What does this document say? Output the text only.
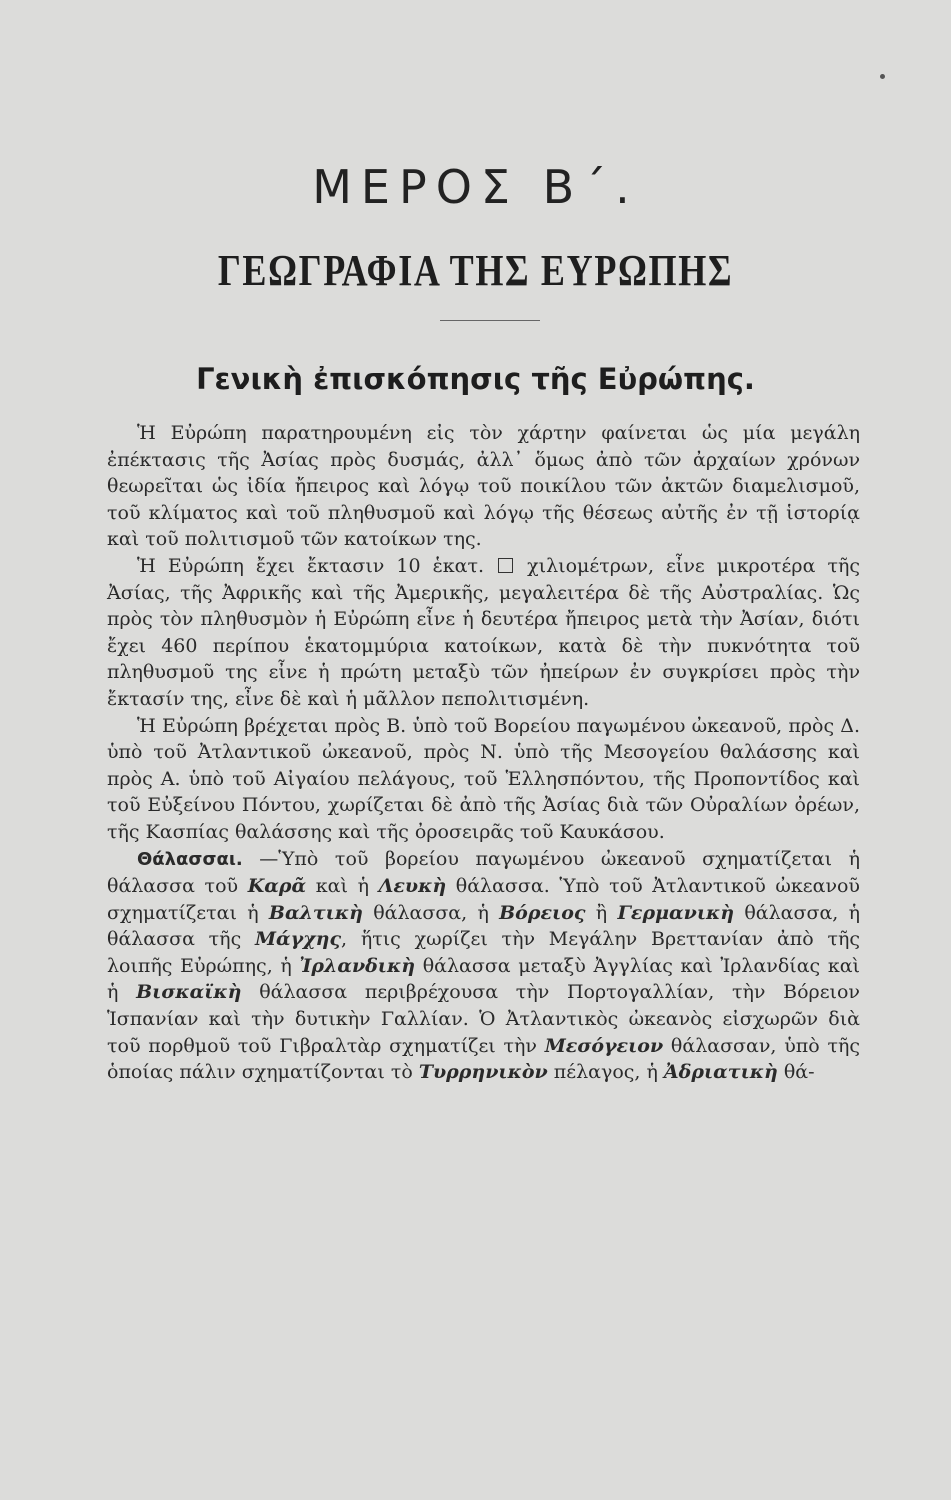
ΜΕΡΟΣ Β΄.
ΓΕΩΓΡΑΦΙΑ ΤΗΣ ΕΥΡΩΠΗΣ
Γενικὴ ἐπισκόπησις τῆς Εὐρώπης.

Ἡ Εὐρώπη παρατηρουμένη εἰς τὸν χάρτην φαίνεται ὡς μία μεγάλη ἐπέκτασις τῆς Ἀσίας πρὸς δυσμάς, ἀλλ᾽ ὅμως ἀπὸ τῶν ἀρχαίων χρόνων θεωρεῖται ὡς ἰδία ἤπειρος καὶ λόγῳ τοῦ ποικίλου τῶν ἀκτῶν διαμελισμοῦ, τοῦ κλίματος καὶ τοῦ πληθυσμοῦ καὶ λόγῳ τῆς θέσεως αὐτῆς ἐν τῇ ἱστορίᾳ καὶ τοῦ πολιτισμοῦ τῶν κατοίκων της.

Ἡ Εὐρώπη ἔχει ἔκτασιν 10 ἑκατ. χιλιομέτρων, εἶνε μικροτέρα τῆς Ἀσίας, τῆς Ἀφρικῆς καὶ τῆς Ἀμερικῆς, μεγαλειτέρα δὲ τῆς Αὐστραλίας. Ὡς πρὸς τὸν πληθυσμὸν ἡ Εὐρώπη εἶνε ἡ δευτέρα ἤπειρος μετὰ τὴν Ἀσίαν, διότι ἔχει 460 περίπου ἑκατομμύρια κατοίκων, κατὰ δὲ τὴν πυκνότητα τοῦ πληθυσμοῦ της εἶνε ἡ πρώτη μεταξὺ τῶν ἠπείρων ἐν συγκρίσει πρὸς τὴν ἔκτασίν της, εἶνε δὲ καὶ ἡ μᾶλλον πεπολιτισμένη.

Ἡ Εὐρώπη βρέχεται πρὸς Β. ὑπὸ τοῦ Βορείου παγωμένου ὠκεανοῦ, πρὸς Δ. ὑπὸ τοῦ Ἀτλαντικοῦ ὠκεανοῦ, πρὸς Ν. ὑπὸ τῆς Μεσογείου θαλάσσης καὶ πρὸς Α. ὑπὸ τοῦ Αἰγαίου πελάγους, τοῦ Ἑλλησπόντου, τῆς Προποντίδος καὶ τοῦ Εὐξείνου Πόντου, χωρίζεται δὲ ἀπὸ τῆς Ἀσίας διὰ τῶν Οὐραλίων ὀρέων, τῆς Κασπίας θαλάσσης καὶ τῆς ὀροσειρᾶς τοῦ Καυκάσου.

Θάλασσαι. —Ὑπὸ τοῦ βορείου παγωμένου ὠκεανοῦ σχηματίζεται ἡ θάλασσα τοῦ Καρᾶ καὶ ἡ Λευκὴ θάλασσα. Ὑπὸ τοῦ Ἀτλαντικοῦ ὠκεανοῦ σχηματίζεται ἡ Βαλτικὴ θάλασσα, ἡ Βόρειος ἢ Γερμανικὴ θάλασσα, ἡ θάλασσα τῆς Μάγχης, ἥτις χωρίζει τὴν Μεγάλην Βρεττανίαν ἀπὸ τῆς λοιπῆς Εὐρώπης, ἡ Ἰρλανδικὴ θάλασσα μεταξὺ Ἀγγλίας καὶ Ἰρλανδίας καὶ ἡ Βισκαϊκὴ θάλασσα περιβρέχουσα τὴν Πορτογαλλίαν, τὴν Βόρειον Ἱσπανίαν καὶ τὴν δυτικὴν Γαλλίαν. Ὁ Ἀτλαντικὸς ὠκεανὸς εἰσχωρῶν διὰ τοῦ πορθμοῦ τοῦ Γιβραλτὰρ σχηματίζει τὴν Μεσόγειον θάλασσαν, ὑπὸ τῆς ὁποίας πάλιν σχηματίζονται τὸ Τυρρηνικὸν πέλαγος, ἡ Ἀδριατικὴ θά-
